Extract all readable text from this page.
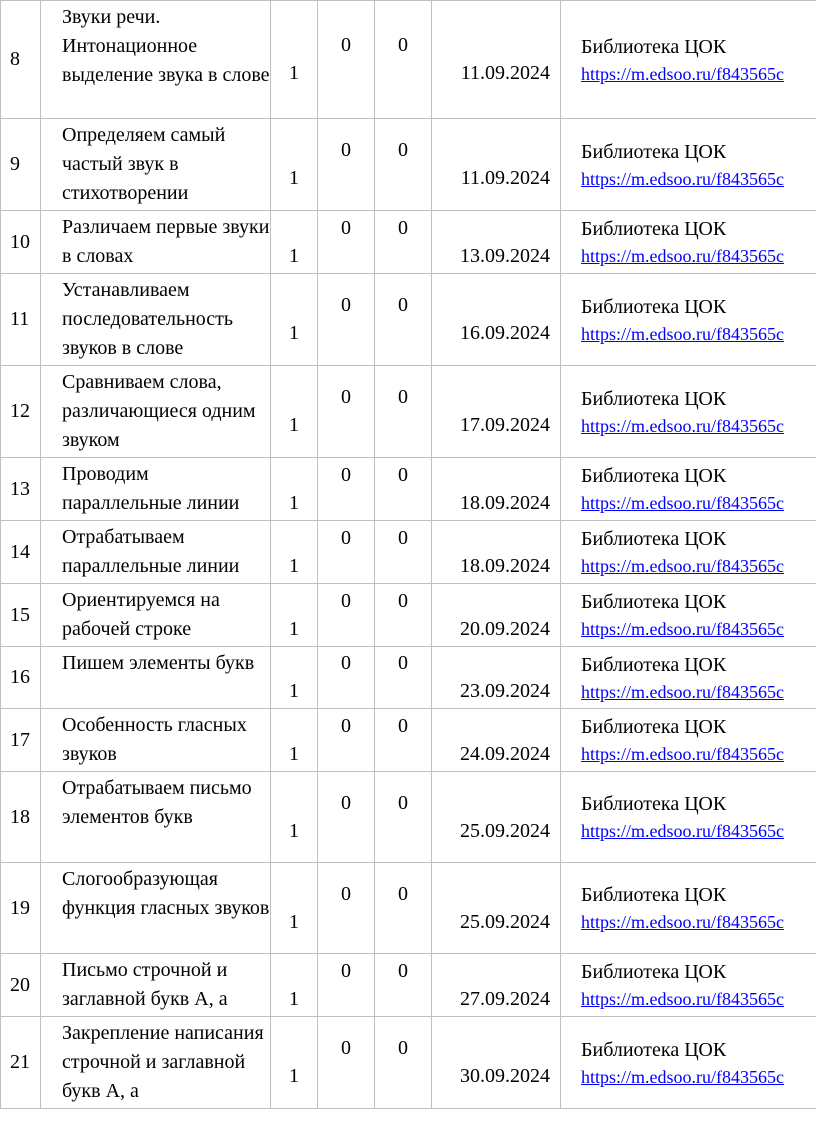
8	Звуки речи. Интонационное выделение звука в слове	1	0	0	11.09.2024	Библиотека ЦОК
https://m.edsoo.ru/f843565c

9	Определяем самый частый звук в стихотворении	1	0	0	11.09.2024	Библиотека ЦОК
https://m.edsoo.ru/f843565c

10	Различаем первые звуки в словах	1	0	0	13.09.2024	Библиотека ЦОК
https://m.edsoo.ru/f843565c

11	Устанавливаем последовательность звуков в слове	1	0	0	16.09.2024	Библиотека ЦОК
https://m.edsoo.ru/f843565c

12	Сравниваем слова, различающиеся одним звуком	1	0	0	17.09.2024	Библиотека ЦОК
https://m.edsoo.ru/f843565c

13	Проводим параллельные линии	1	0	0	18.09.2024	Библиотека ЦОК
https://m.edsoo.ru/f843565c

14	Отрабатываем параллельные линии	1	0	0	18.09.2024	Библиотека ЦОК
https://m.edsoo.ru/f843565c

15	Ориентируемся на рабочей строке	1	0	0	20.09.2024	Библиотека ЦОК
https://m.edsoo.ru/f843565c

16	Пишем элементы букв	1	0	0	23.09.2024	Библиотека ЦОК
https://m.edsoo.ru/f843565c

17	Особенность гласных звуков	1	0	0	24.09.2024	Библиотека ЦОК
https://m.edsoo.ru/f843565c

18	Отрабатываем письмо элементов букв	1	0	0	25.09.2024	Библиотека ЦОК
https://m.edsoo.ru/f843565c

19	Слогообразующая функция гласных звуков	1	0	0	25.09.2024	Библиотека ЦОК
https://m.edsoo.ru/f843565c

20	Письмо строчной и заглавной букв А, а	1	0	0	27.09.2024	Библиотека ЦОК
https://m.edsoo.ru/f843565c

21	Закрепление написания строчной и заглавной букв А, а	1	0	0	30.09.2024	Библиотека ЦОК
https://m.edsoo.ru/f843565c
